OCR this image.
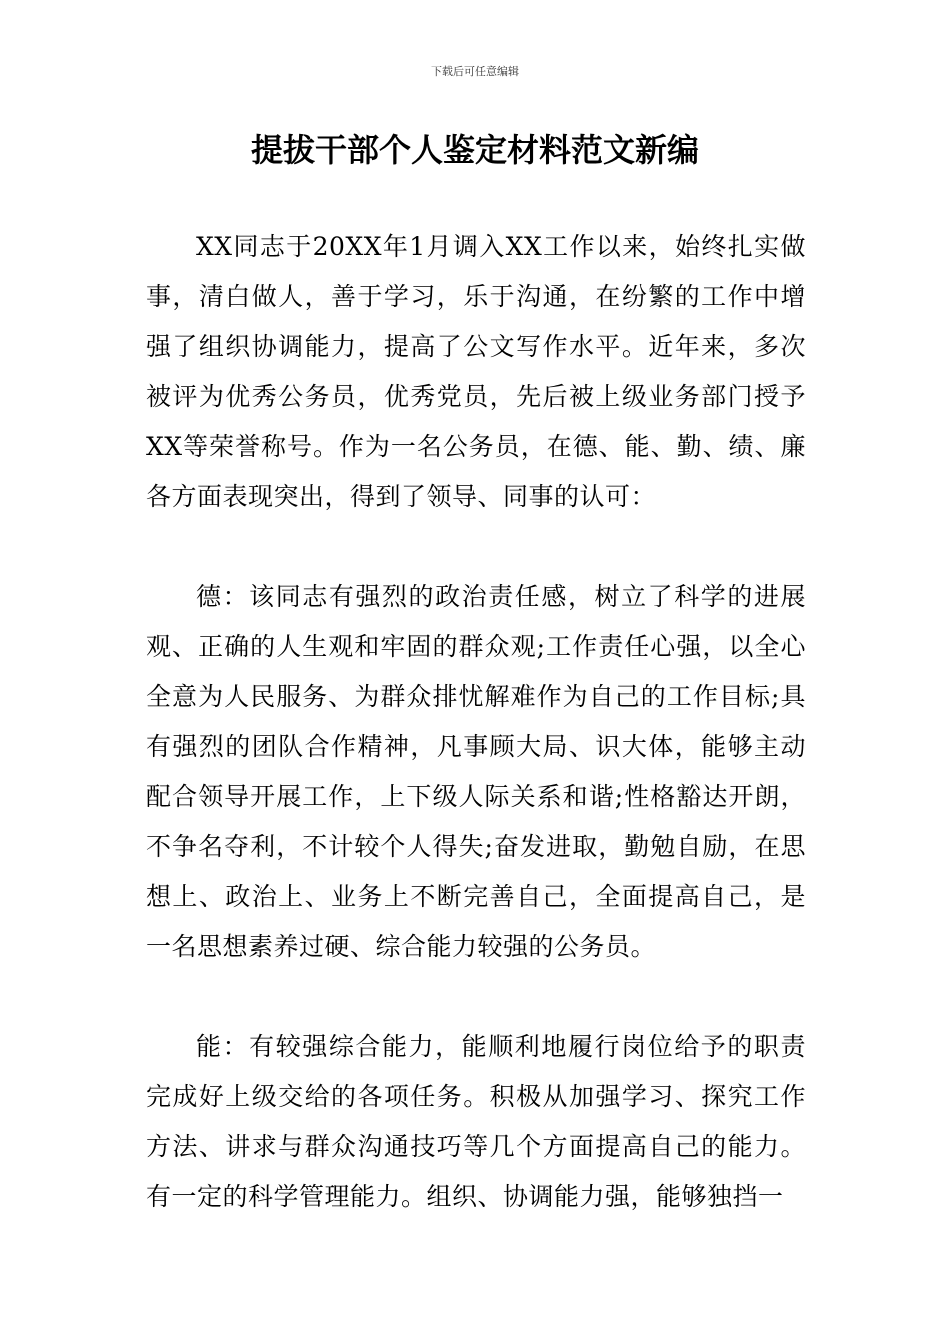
下载后可任意编辑
提拔干部个人鉴定材料范文新编

XX同志于20XX年1月调入XX工作以来，始终扎实做事，清白做人，善于学习，乐于沟通，在纷繁的工作中增强了组织协调能力，提高了公文写作水平。近年来，多次被评为优秀公务员，优秀党员，先后被上级业务部门授予XX等荣誉称号。作为一名公务员，在德、能、勤、绩、廉各方面表现突出，得到了领导、同事的认可：

德：该同志有强烈的政治责任感，树立了科学的进展观、正确的人生观和牢固的群众观;工作责任心强，以全心全意为人民服务、为群众排忧解难作为自己的工作目标;具有强烈的团队合作精神，凡事顾大局、识大体，能够主动配合领导开展工作，上下级人际关系和谐;性格豁达开朗，不争名夺利，不计较个人得失;奋发进取，勤勉自励，在思想上、政治上、业务上不断完善自己，全面提高自己，是一名思想素养过硬、综合能力较强的公务员。

能：有较强综合能力，能顺利地履行岗位给予的职责完成好上级交给的各项任务。积极从加强学习、探究工作方法、讲求与群众沟通技巧等几个方面提高自己的能力。有一定的科学管理能力。组织、协调能力强，能够独挡一
